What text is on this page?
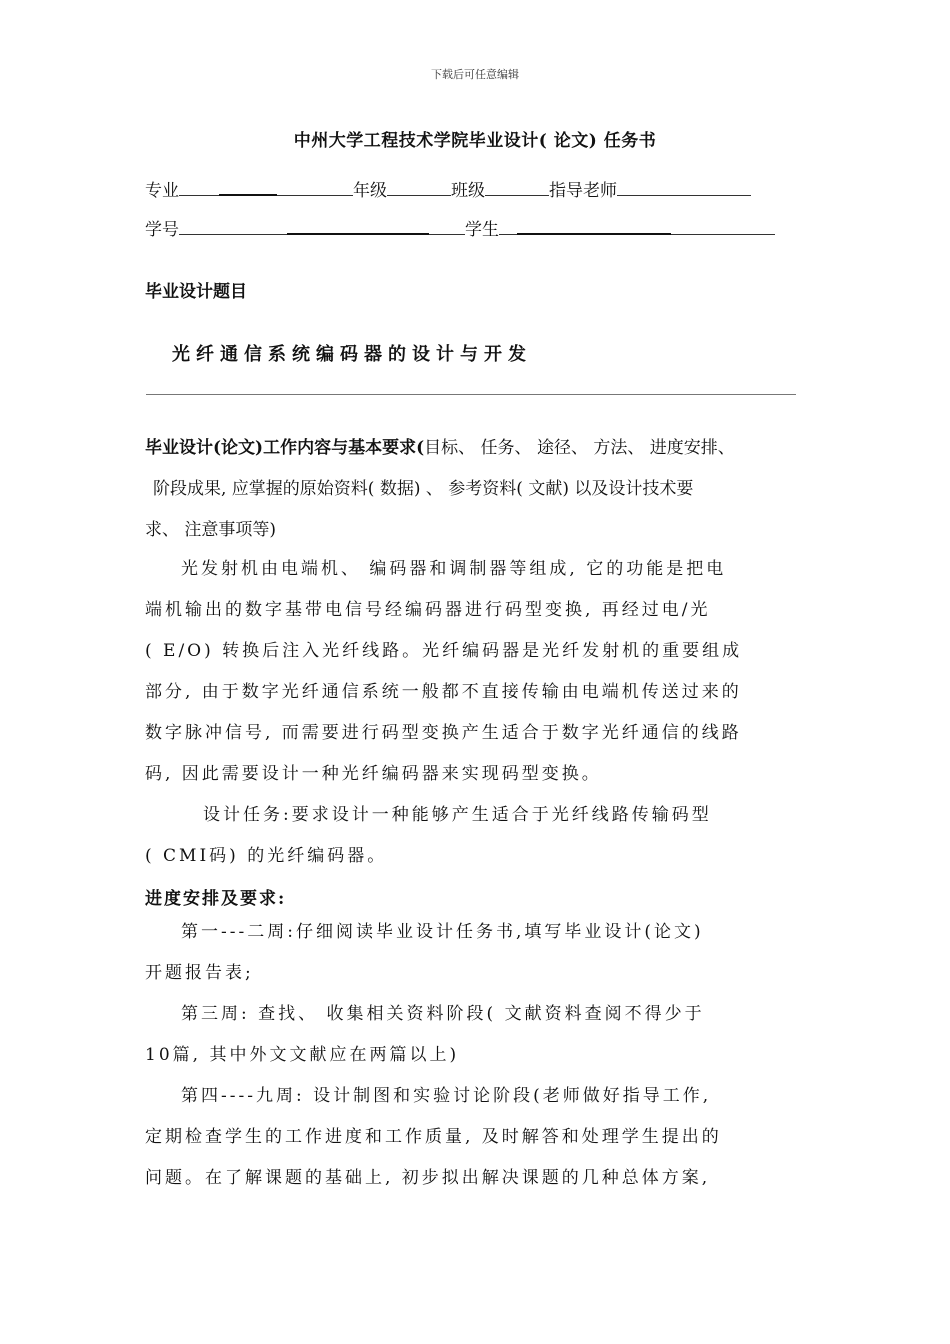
下载后可任意编辑
中州大学工程技术学院毕业设计( 论文) 任务书
专业	年级	班级	指导老师
学号	学生
毕业设计题目
光纤通信系统编码器的设计与开发
毕业设计(论文)工作内容与基本要求(目标、 任务、 途径、 方法、 进度安排、
阶段成果, 应掌握的原始资料( 数据) 、 参考资料( 文献) 以及设计技术要
求、 注意事项等)
光发射机由电端机、 编码器和调制器等组成, 它的功能是把电
端机输出的数字基带电信号经编码器进行码型变换, 再经过电/光
( E/O) 转换后注入光纤线路。光纤编码器是光纤发射机的重要组成
部分, 由于数字光纤通信系统一般都不直接传输由电端机传送过来的
数字脉冲信号, 而需要进行码型变换产生适合于数字光纤通信的线路
码, 因此需要设计一种光纤编码器来实现码型变换。
设计任务:要求设计一种能够产生适合于光纤线路传输码型
( CMI码) 的光纤编码器。
进度安排及要求:
第一---二周:仔细阅读毕业设计任务书,填写毕业设计(论文)
开题报告表;
第三周: 查找、 收集相关资料阶段( 文献资料查阅不得少于
10篇, 其中外文文献应在两篇以上)
第四----九周: 设计制图和实验讨论阶段(老师做好指导工作,
定期检查学生的工作进度和工作质量, 及时解答和处理学生提出的
问题。在了解课题的基础上, 初步拟出解决课题的几种总体方案,
